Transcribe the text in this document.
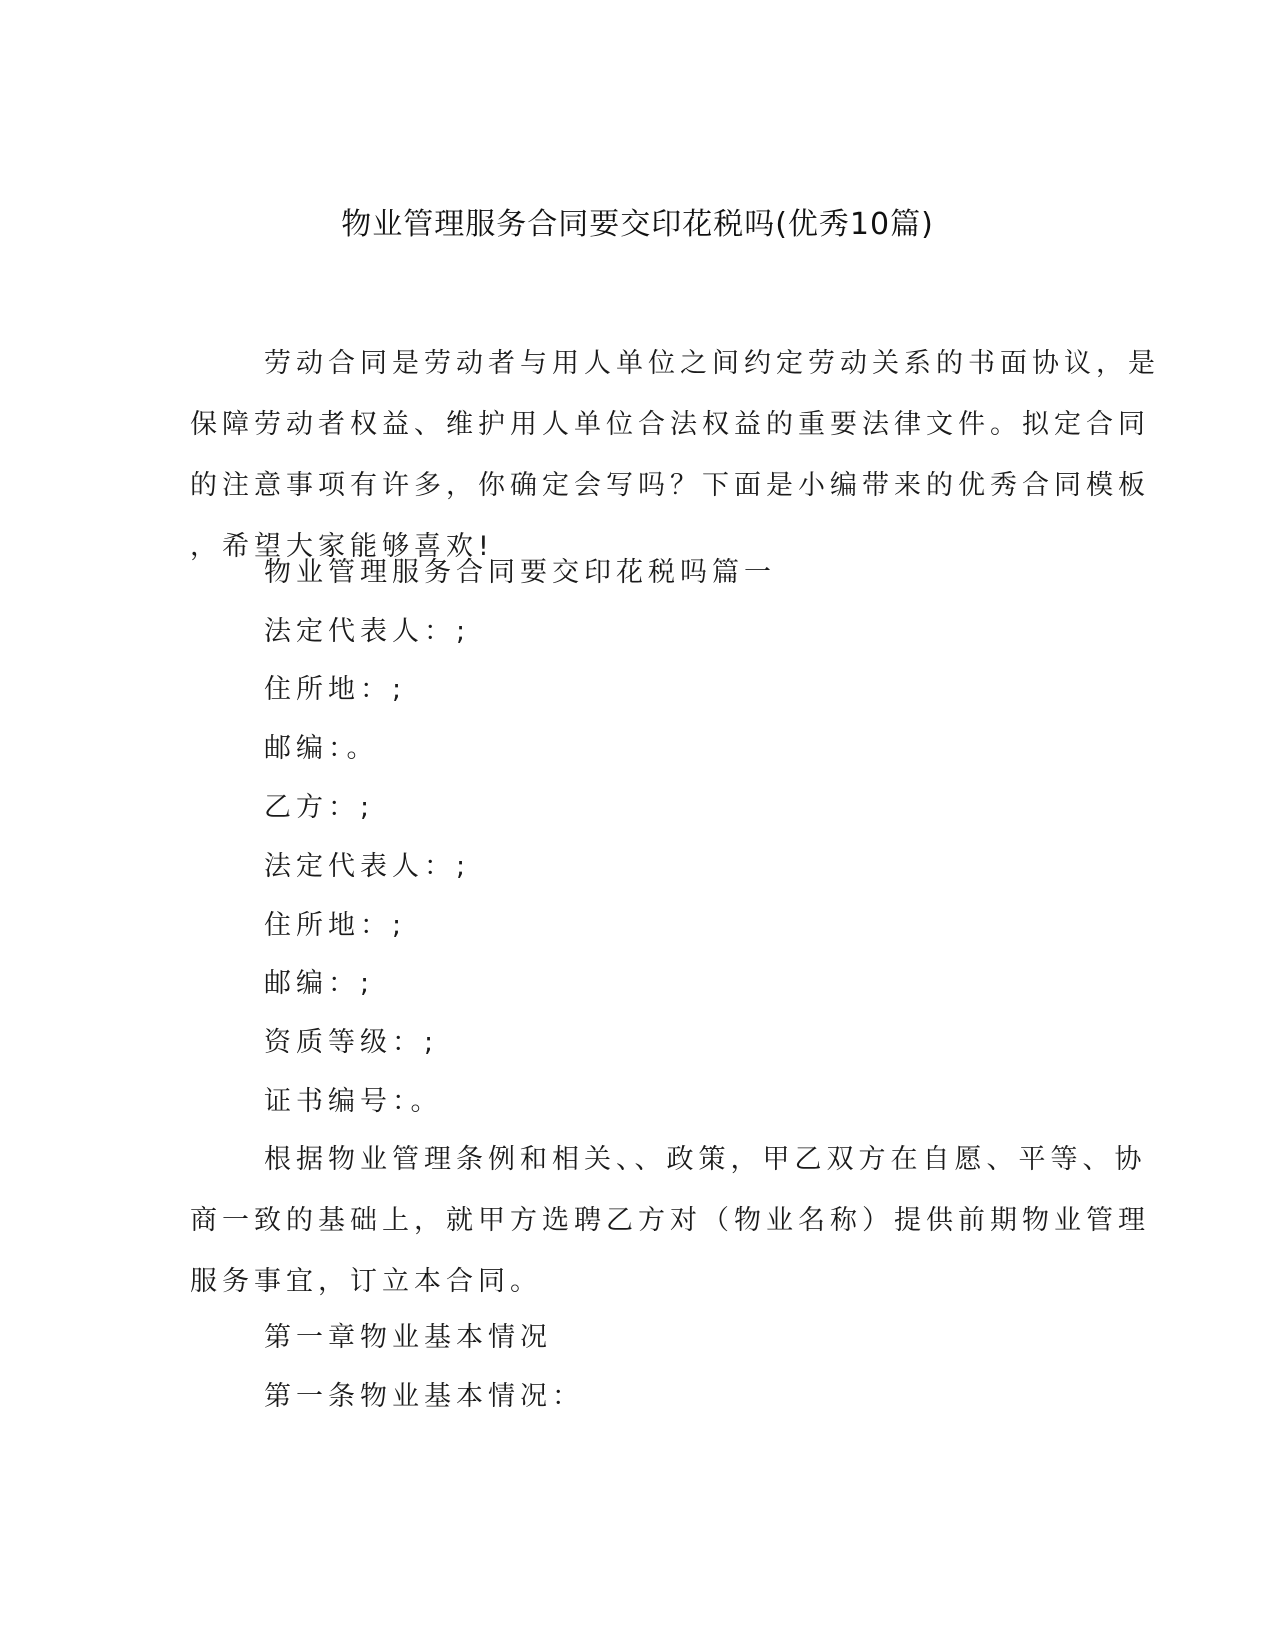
物业管理服务合同要交印花税吗(优秀10篇)
劳动合同是劳动者与用人单位之间约定劳动关系的书面协议，是
保障劳动者权益、维护用人单位合法权益的重要法律文件。拟定合同
的注意事项有许多，你确定会写吗？下面是小编带来的优秀合同模板
，希望大家能够喜欢!
物业管理服务合同要交印花税吗篇一
法定代表人：;
住所地：;
邮编：。
乙方：;
法定代表人：;
住所地：;
邮编：;
资质等级：;
证书编号：。
根据物业管理条例和相关、、政策，甲乙双方在自愿、平等、协
商一致的基础上，就甲方选聘乙方对（物业名称）提供前期物业管理
服务事宜，订立本合同。
第一章物业基本情况
第一条物业基本情况：
